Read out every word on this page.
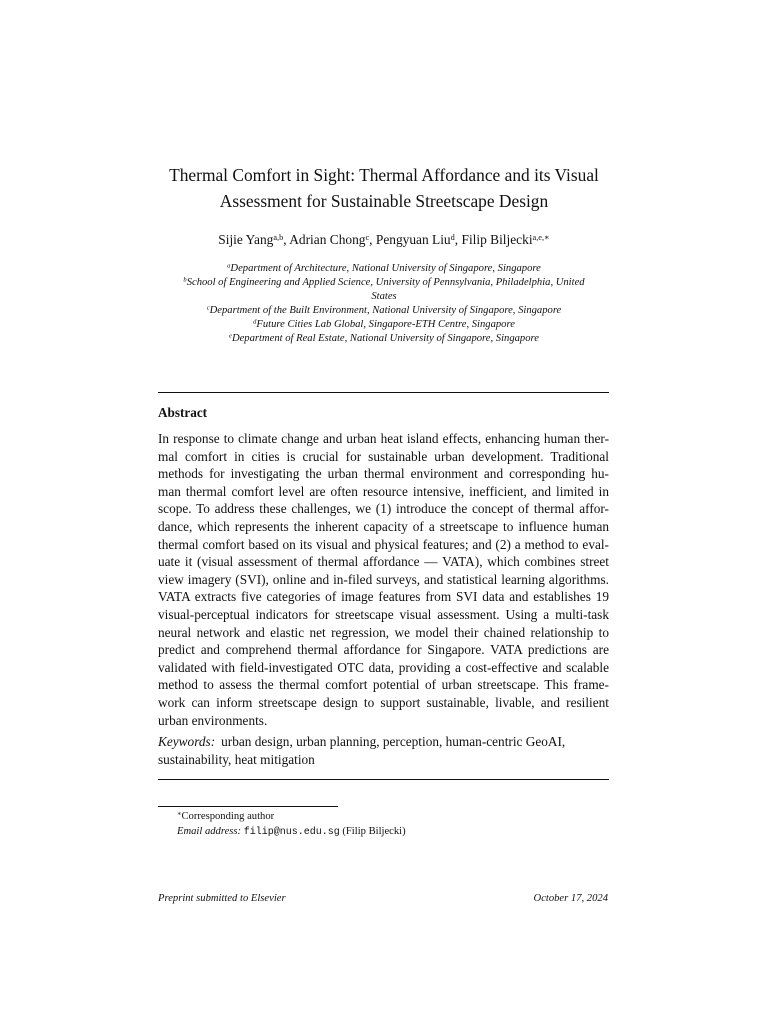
Thermal Comfort in Sight: Thermal Affordance and its Visual
Assessment for Sustainable Streetscape Design
Sijie Yang$^{a,b}$, Adrian Chong$^c$, Pengyuan Liu$^d$, Filip Biljecki$^{a,e,∗}$
$^a$Department of Architecture, National University of Singapore, Singapore
$^b$School of Engineering and Applied Science, University of Pennsylvania, Philadelphia, United
States
$^c$Department of the Built Environment, National University of Singapore, Singapore
$^d$Future Cities Lab Global, Singapore-ETH Centre, Singapore
$^e$Department of Real Estate, National University of Singapore, Singapore
Abstract
In response to climate change and urban heat island effects, enhancing human ther-
mal comfort in cities is crucial for sustainable urban development. Traditional
methods for investigating the urban thermal environment and corresponding hu-
man thermal comfort level are often resource intensive, inefficient, and limited in
scope. To address these challenges, we (1) introduce the concept of thermal affor-
dance, which represents the inherent capacity of a streetscape to influence human
thermal comfort based on its visual and physical features; and (2) a method to eval-
uate it (visual assessment of thermal affordance — VATA), which combines street
view imagery (SVI), online and in-filed surveys, and statistical learning algorithms.
VATA extracts five categories of image features from SVI data and establishes 19
visual-perceptual indicators for streetscape visual assessment. Using a multi-task
neural network and elastic net regression, we model their chained relationship to
predict and comprehend thermal affordance for Singapore. VATA predictions are
validated with field-investigated OTC data, providing a cost-effective and scalable
method to assess the thermal comfort potential of urban streetscape. This frame-
work can inform streetscape design to support sustainable, livable, and resilient
urban environments.
Keywords: urban design, urban planning, perception, human-centric GeoAI,
sustainability, heat mitigation
∗Corresponding author
Email address: filip@nus.edu.sg (Filip Biljecki)
Preprint submitted to Elsevier	October 17, 2024
